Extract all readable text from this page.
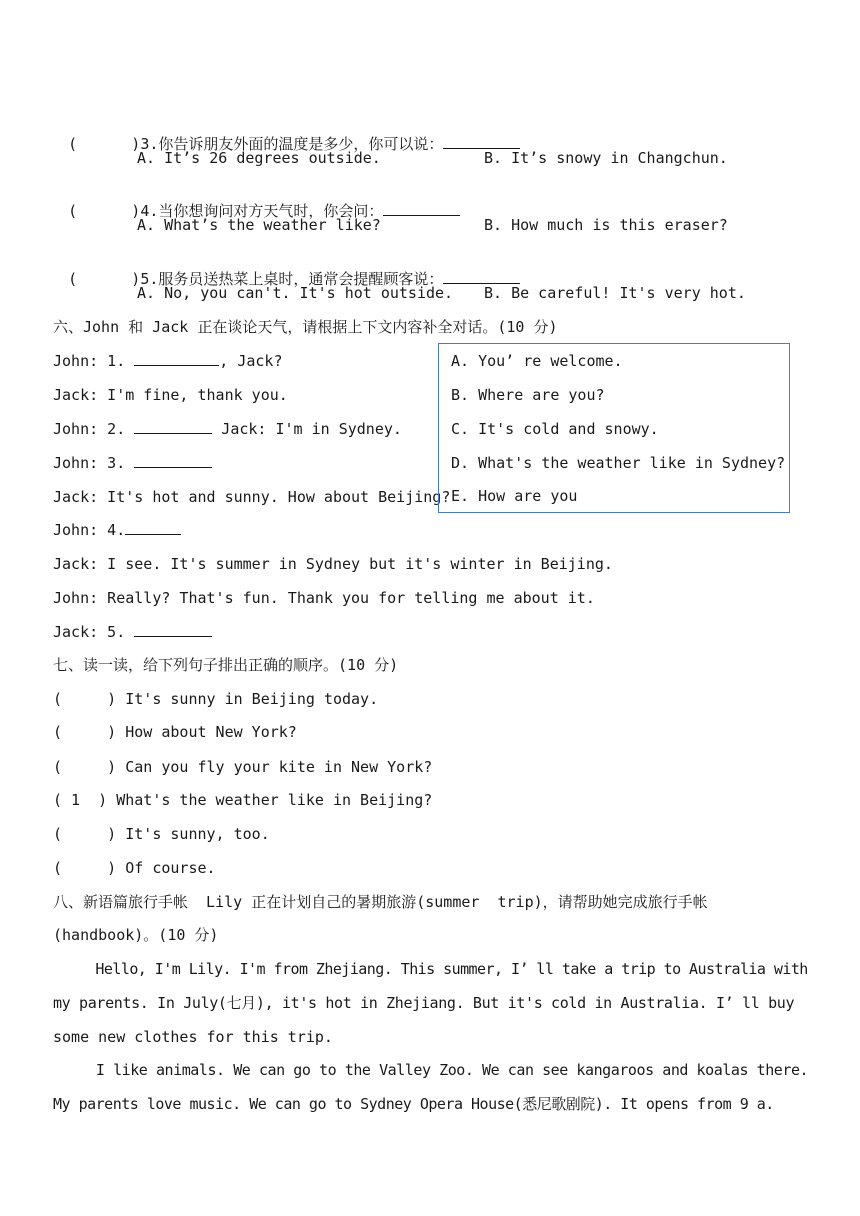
(      )3.你告诉朋友外面的温度是多少，你可以说：

A. It’s 26 degrees outside.	B. It’s snowy in Changchun.

(      )4.当你想询问对方天气时，你会问：

A. What’s the weather like?	B. How much is this eraser?

(      )5.服务员送热菜上桌时，通常会提醒顾客说：

A. No, you can't. It's hot outside. B. Be careful! It's very hot.
六、John 和 Jack 正在谈论天气，请根据上下文内容补全对话。(10 分)
John: 1.	, Jack?
Jack: I'm fine, thank you.
John: 2.	Jack: I'm in Sydney.
John: 3.
Jack: It's hot and sunny. How about Beijing?
John: 4.
Jack: I see. It's summer in Sydney but it's winter in Beijing.
John: Really? That's fun. Thank you for telling me about it.
Jack: 5.
A. You’ re welcome.
B. Where are you?
C. It's cold and snowy.
D. What's the weather like in Sydney?
E. How are you
七、读一读，给下列句子排出正确的顺序。(10 分)
(     ) It's sunny in Beijing today.
(     ) How about New York?
(     ) Can you fly your kite in New York?
( 1  ) What's the weather like in Beijing?
(     ) It's sunny, too.
(     ) Of course.
八、新语篇旅行手帐  Lily 正在计划自己的暑期旅游(summer  trip)，请帮助她完成旅行手帐
(handbook)。(10 分)
Hello, I'm Lily. I'm from Zhejiang. This summer, I’ ll take a trip to Australia with
my parents. In July(七月), it's hot in Zhejiang. But it's cold in Australia. I’ ll buy
some new clothes for this trip.
I like animals. We can go to the Valley Zoo. We can see kangaroos and koalas there.
My parents love music. We can go to Sydney Opera House(悉尼歌剧院). It opens from 9 a.
